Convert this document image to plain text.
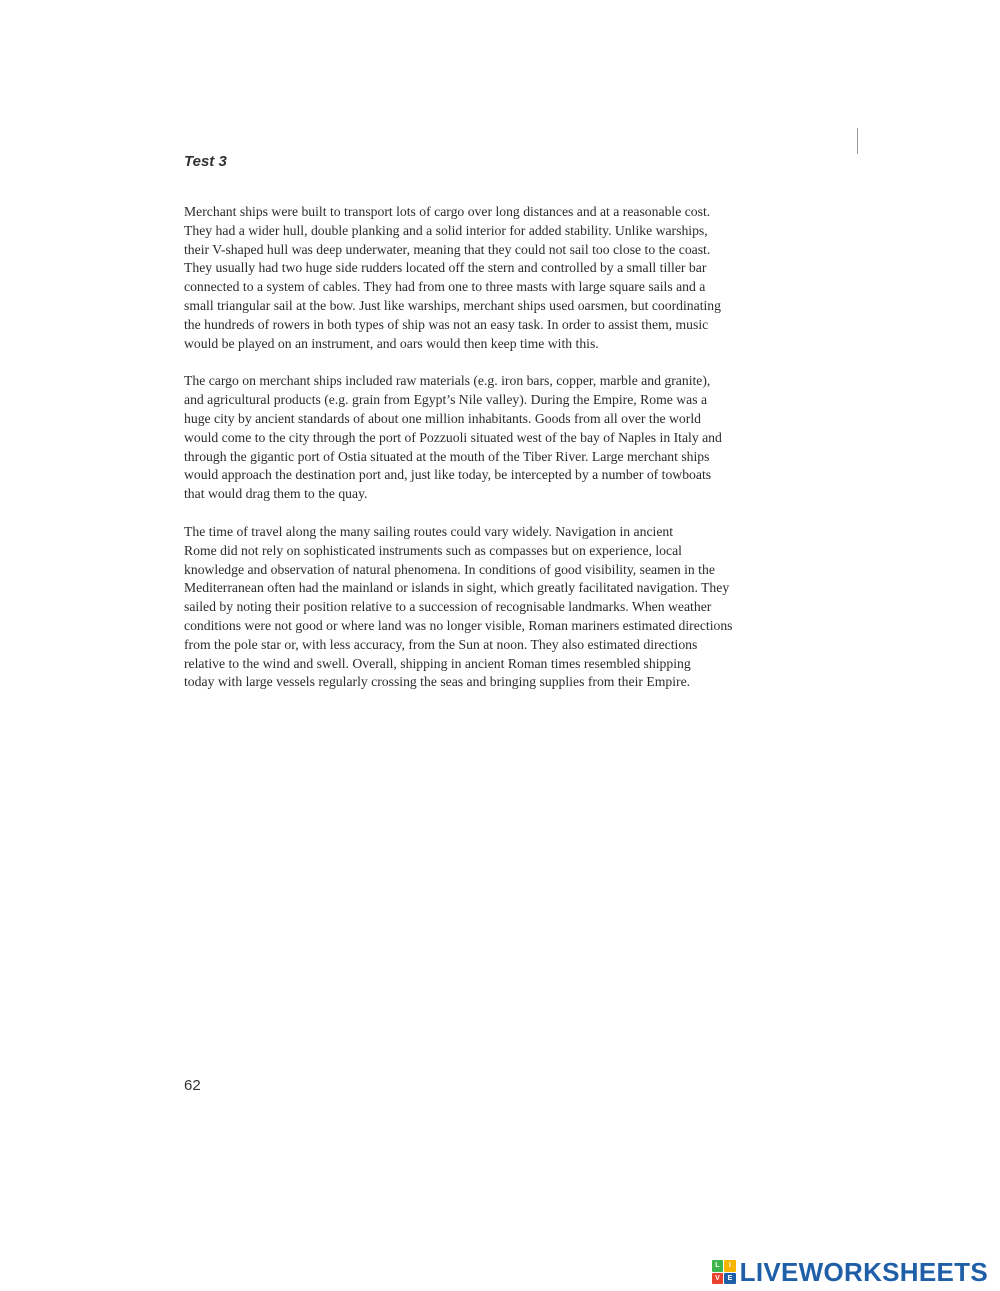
Test 3

Merchant ships were built to transport lots of cargo over long distances and at a reasonable cost.
They had a wider hull, double planking and a solid interior for added stability. Unlike warships,
their V-shaped hull was deep underwater, meaning that they could not sail too close to the coast.
They usually had two huge side rudders located off the stern and controlled by a small tiller bar
connected to a system of cables. They had from one to three masts with large square sails and a
small triangular sail at the bow. Just like warships, merchant ships used oarsmen, but coordinating
the hundreds of rowers in both types of ship was not an easy task. In order to assist them, music
would be played on an instrument, and oars would then keep time with this.

The cargo on merchant ships included raw materials (e.g. iron bars, copper, marble and granite),
and agricultural products (e.g. grain from Egypt’s Nile valley). During the Empire, Rome was a
huge city by ancient standards of about one million inhabitants. Goods from all over the world
would come to the city through the port of Pozzuoli situated west of the bay of Naples in Italy and
through the gigantic port of Ostia situated at the mouth of the Tiber River. Large merchant ships
would approach the destination port and, just like today, be intercepted by a number of towboats
that would drag them to the quay.

The time of travel along the many sailing routes could vary widely. Navigation in ancient
Rome did not rely on sophisticated instruments such as compasses but on experience, local
knowledge and observation of natural phenomena. In conditions of good visibility, seamen in the
Mediterranean often had the mainland or islands in sight, which greatly facilitated navigation. They
sailed by noting their position relative to a succession of recognisable landmarks. When weather
conditions were not good or where land was no longer visible, Roman mariners estimated directions
from the pole star or, with less accuracy, from the Sun at noon. They also estimated directions
relative to the wind and swell. Overall, shipping in ancient Roman times resembled shipping
today with large vessels regularly crossing the seas and bringing supplies from their Empire.

62
L	I
V	E LIVEWORKSHEETS
